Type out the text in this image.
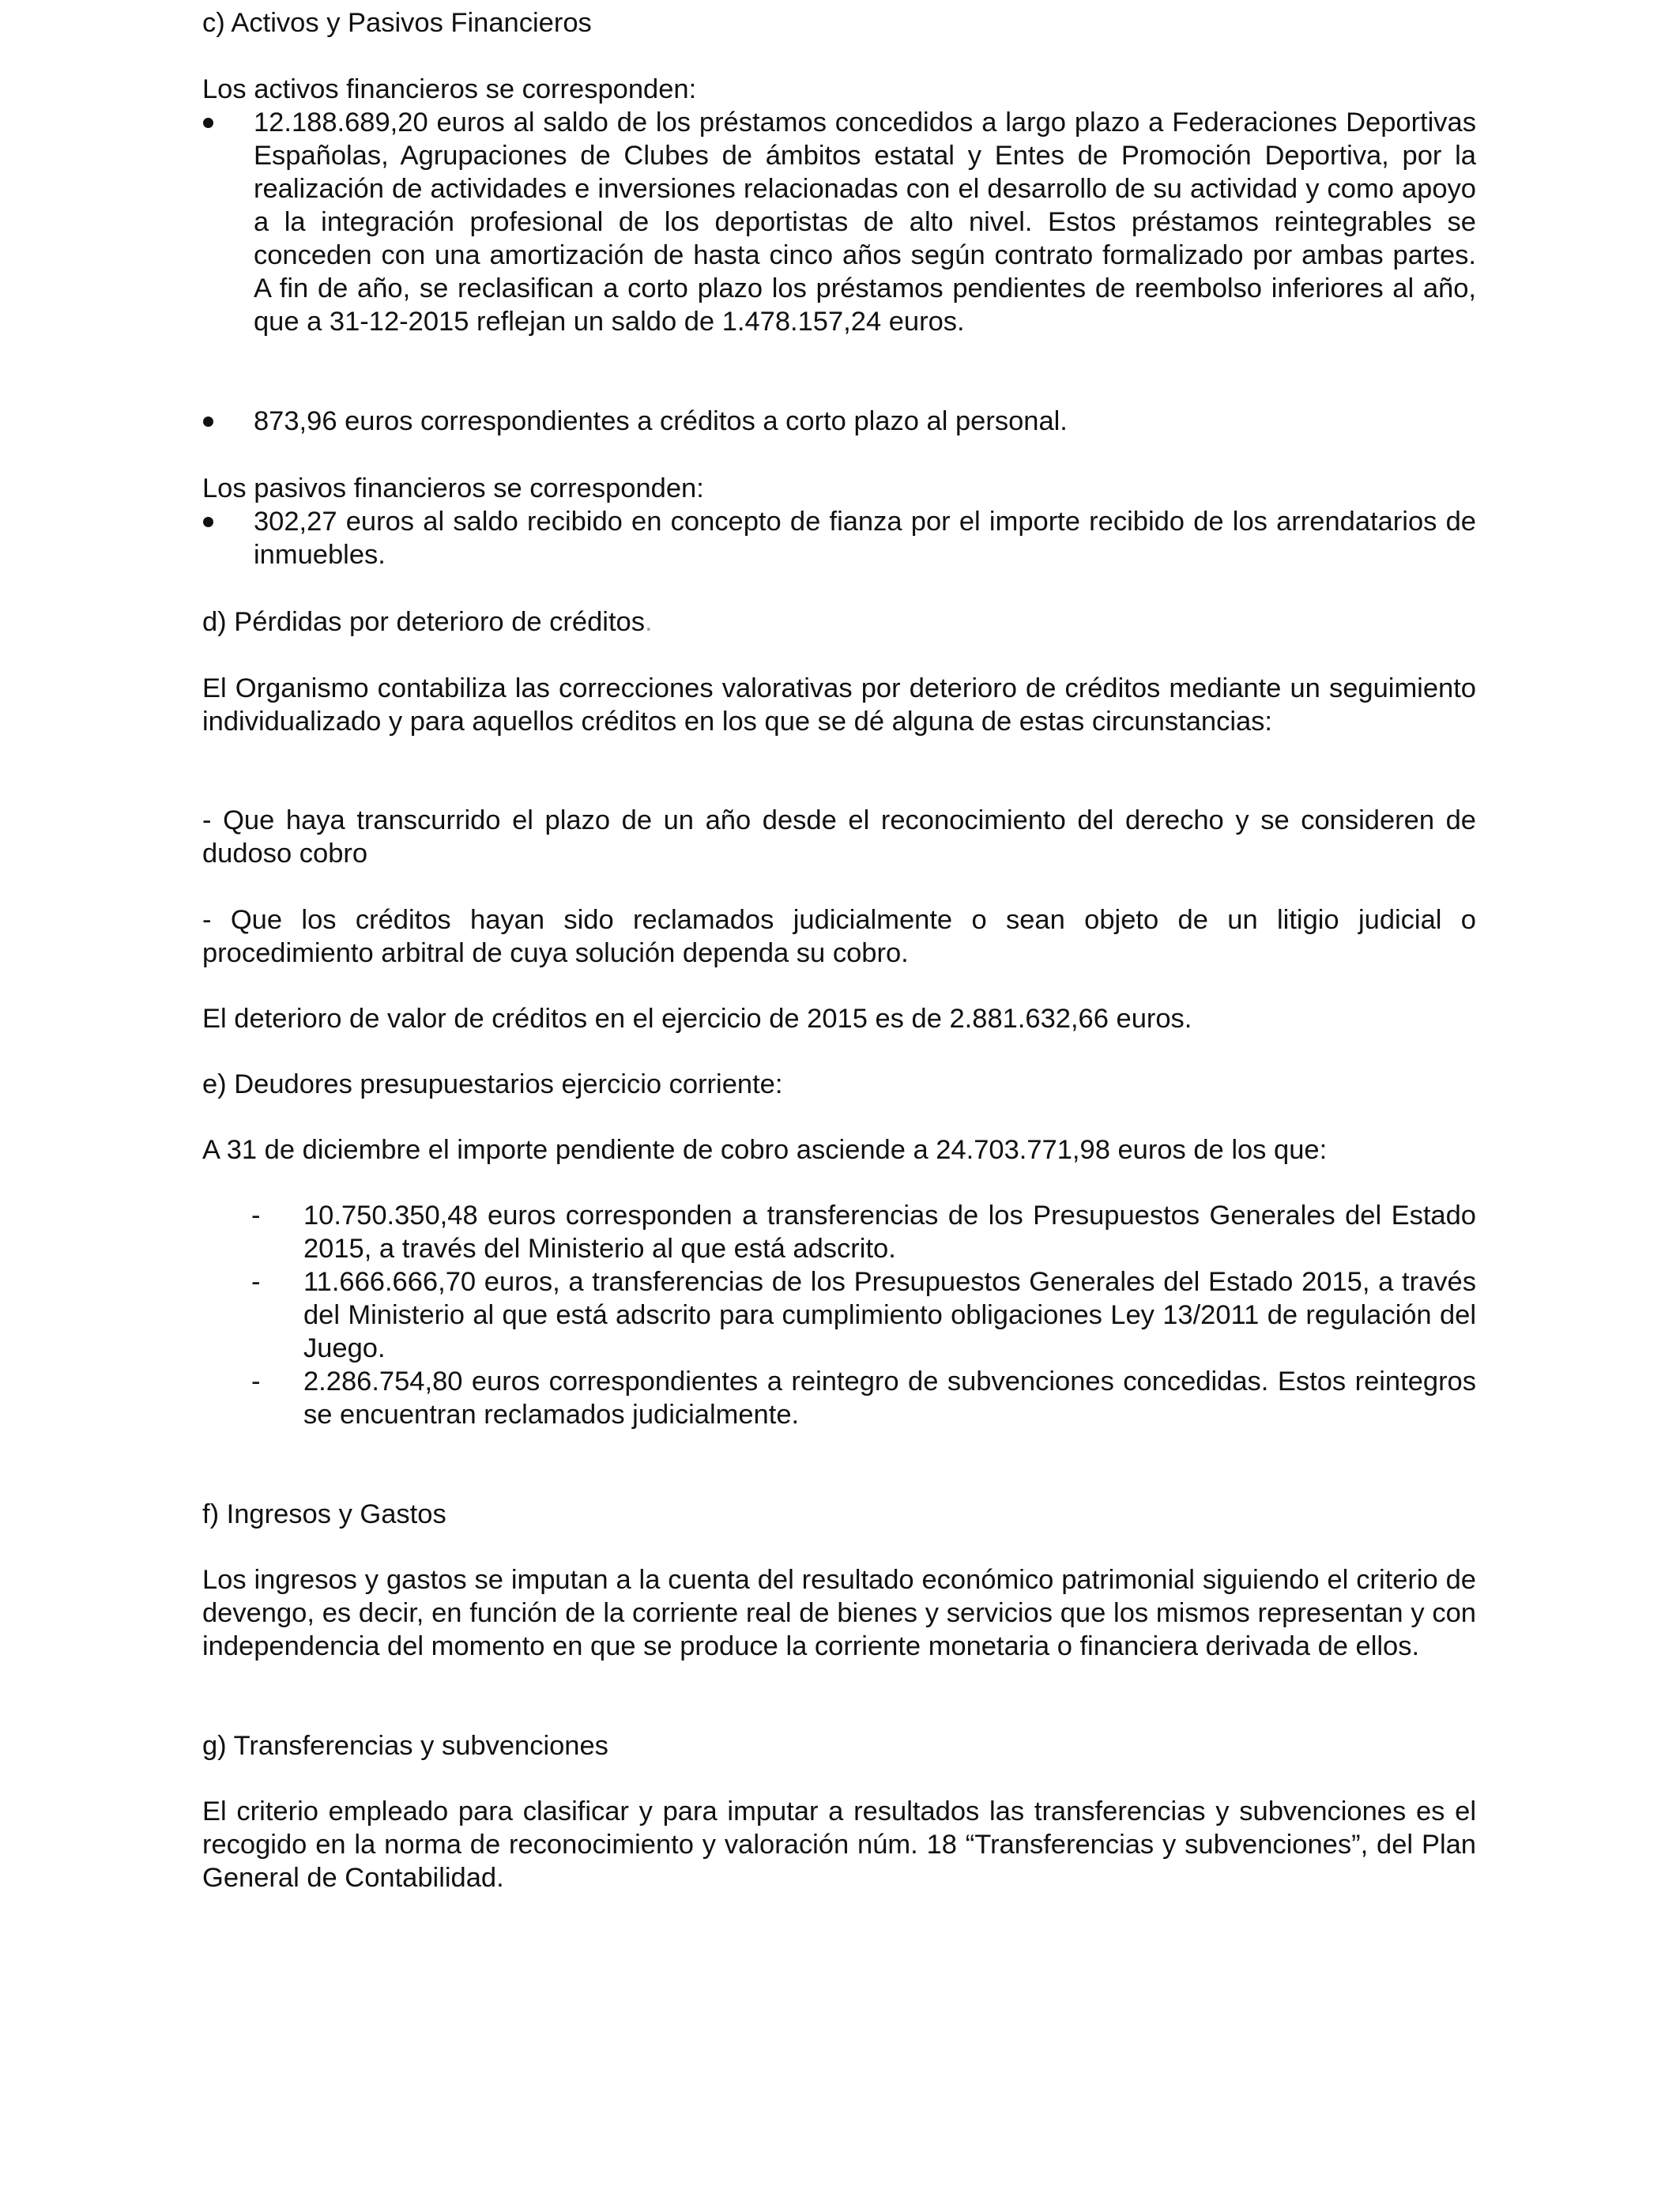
c) Activos y Pasivos Financieros

Los activos financieros se corresponden:

12.188.689,20 euros al saldo de los préstamos concedidos a largo plazo a Federaciones Deportivas Españolas, Agrupaciones de Clubes de ámbitos estatal y Entes de Promoción Deportiva, por la realización de actividades e inversiones relacionadas con el desarrollo de su actividad y como apoyo a la integración profesional de los deportistas de alto nivel. Estos préstamos reintegrables se conceden con una amortización de hasta cinco años según contrato formalizado por ambas partes. A fin de año, se reclasifican a corto plazo los préstamos pendientes de reembolso inferiores al año, que a 31-12-2015 reflejan un saldo de 1.478.157,24 euros.

873,96 euros correspondientes a créditos a corto plazo al personal.

Los pasivos financieros se corresponden:

302,27 euros al saldo recibido en concepto de fianza por el importe recibido de los arrendatarios de inmuebles.

d) Pérdidas por deterioro de créditos.

El Organismo contabiliza las correcciones valorativas por deterioro de créditos mediante un seguimiento individualizado y para aquellos créditos en los que se dé alguna de estas circunstancias:

- Que haya transcurrido el plazo de un año desde el reconocimiento del derecho y se consideren de dudoso cobro

- Que los créditos hayan sido reclamados judicialmente o sean objeto de un litigio judicial o procedimiento arbitral de cuya solución dependa su cobro.

El deterioro de valor de créditos en el ejercicio de 2015 es de 2.881.632,66 euros.

e) Deudores presupuestarios ejercicio corriente:

A 31 de diciembre el importe pendiente de cobro asciende a 24.703.771,98 euros de los que:

- 10.750.350,48 euros corresponden a transferencias de los Presupuestos Generales del Estado 2015, a través del Ministerio al que está adscrito.

- 11.666.666,70 euros, a transferencias de los Presupuestos Generales del Estado 2015, a través del Ministerio al que está adscrito para cumplimiento obligaciones Ley 13/2011 de regulación del Juego.

- 2.286.754,80 euros correspondientes a reintegro de subvenciones concedidas. Estos reintegros se encuentran reclamados judicialmente.

f) Ingresos y Gastos

Los ingresos y gastos se imputan a la cuenta del resultado económico patrimonial siguiendo el criterio de devengo, es decir, en función de la corriente real de bienes y servicios que los mismos representan y con independencia del momento en que se produce la corriente monetaria o financiera derivada de ellos.

g) Transferencias y subvenciones

El criterio empleado para clasificar y para imputar a resultados las transferencias y subvenciones es el recogido en la norma de reconocimiento y valoración núm. 18 “Transferencias y subvenciones”, del Plan General de Contabilidad.
